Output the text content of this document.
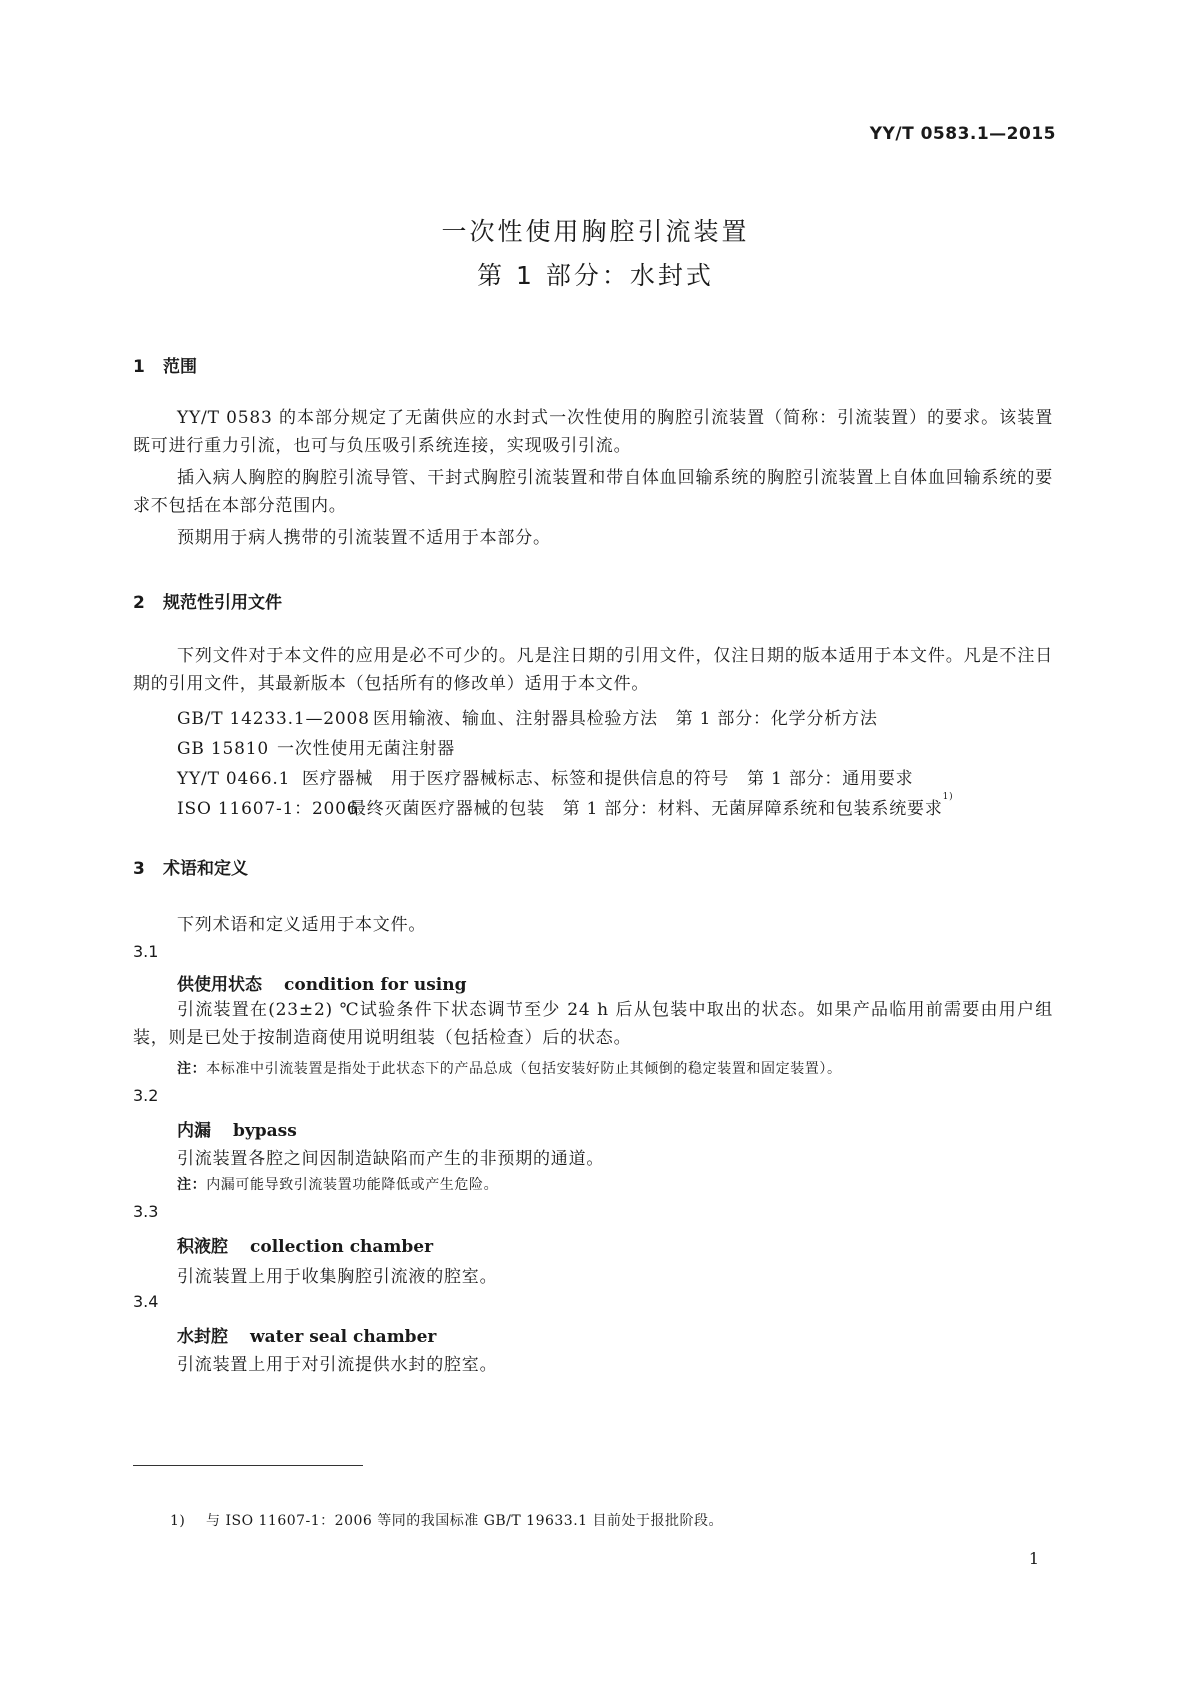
YY/T 0583.1—2015
一次性使用胸腔引流装置
第 1 部分：水封式
1 范围
YY/T 0583 的本部分规定了无菌供应的水封式一次性使用的胸腔引流装置（简称：引流装置）的要求。该装置既可进行重力引流，也可与负压吸引系统连接，实现吸引引流。
插入病人胸腔的胸腔引流导管、干封式胸腔引流装置和带自体血回输系统的胸腔引流装置上自体血回输系统的要求不包括在本部分范围内。
预期用于病人携带的引流装置不适用于本部分。
2 规范性引用文件
下列文件对于本文件的应用是必不可少的。凡是注日期的引用文件，仅注日期的版本适用于本文件。凡是不注日期的引用文件，其最新版本（包括所有的修改单）适用于本文件。
GB/T 14233.1—2008 医用输液、输血、注射器具检验方法　第 1 部分：化学分析方法
GB 15810 一次性使用无菌注射器
YY/T 0466.1 医疗器械　用于医疗器械标志、标签和提供信息的符号　第 1 部分：通用要求
ISO 11607-1：2006最终灭菌医疗器械的包装　第 1 部分：材料、无菌屏障系统和包装系统要求$^{1)}$
3 术语和定义
下列术语和定义适用于本文件。
3.1
供使用状态 condition for using
引流装置在(23±2) ℃试验条件下状态调节至少 24 h 后从包装中取出的状态。如果产品临用前需要由用户组装，则是已处于按制造商使用说明组装（包括检查）后的状态。
注：本标准中引流装置是指处于此状态下的产品总成（包括安装好防止其倾倒的稳定装置和固定装置）。
3.2
内漏 bypass
引流装置各腔之间因制造缺陷而产生的非预期的通道。
注：内漏可能导致引流装置功能降低或产生危险。
3.3
积液腔 collection chamber
引流装置上用于收集胸腔引流液的腔室。
3.4
水封腔 water seal chamber
引流装置上用于对引流提供水封的腔室。
1) 与 ISO 11607-1：2006 等同的我国标准 GB/T 19633.1 目前处于报批阶段。
1
